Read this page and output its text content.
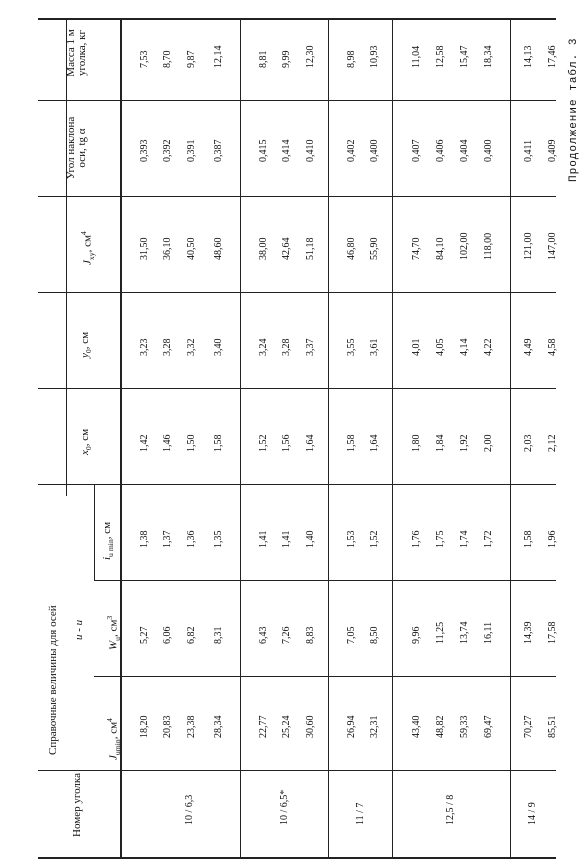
Продолжение табл. 3
Номер уголка
Справочные величины для осей u - u
$J_{umin}$, $см^4$
$W_u$, $см^3$
$i_{u min}$, см
$x_0$, см
$y_0$, см
$J_{xy}$, $см^4$
Угол наклона оси, tg α
Масса 1 м уголка, кг
10 / 6,3
18,20
5,27
1,38
1,42
3,23
31,50
0,393
7,53
20,83
6,06
1,37
1,46
3,28
36,10
0,392
8,70
23,38
6,82
1,36
1,50
3,32
40,50
0,391
9,87
28,34
8,31
1,35
1,58
3,40
48,60
0,387
12,14
10 / 6,5*
22,77
6,43
1,41
1,52
3,24
38,00
0,415
8,81
25,24
7,26
1,41
1,56
3,28
42,64
0,414
9,99
30,60
8,83
1,40
1,64
3,37
51,18
0,410
12,30
11 / 7
26,94
7,05
1,53
1,58
3,55
46,80
0,402
8,98
32,31
8,50
1,52
1,64
3,61
55,90
0,400
10,93
12,5 / 8
43,40
9,96
1,76
1,80
4,01
74,70
0,407
11,04
48,82
11,25
1,75
1,84
4,05
84,10
0,406
12,58
59,33
13,74
1,74
1,92
4,14
102,00
0,404
15,47
69,47
16,11
1,72
2,00
4,22
118,00
0,400
18,34
14 / 9
70,27
14,39
1,58
2,03
4,49
121,00
0,411
14,13
85,51
17,58
1,96
2,12
4,58
147,00
0,409
17,46
